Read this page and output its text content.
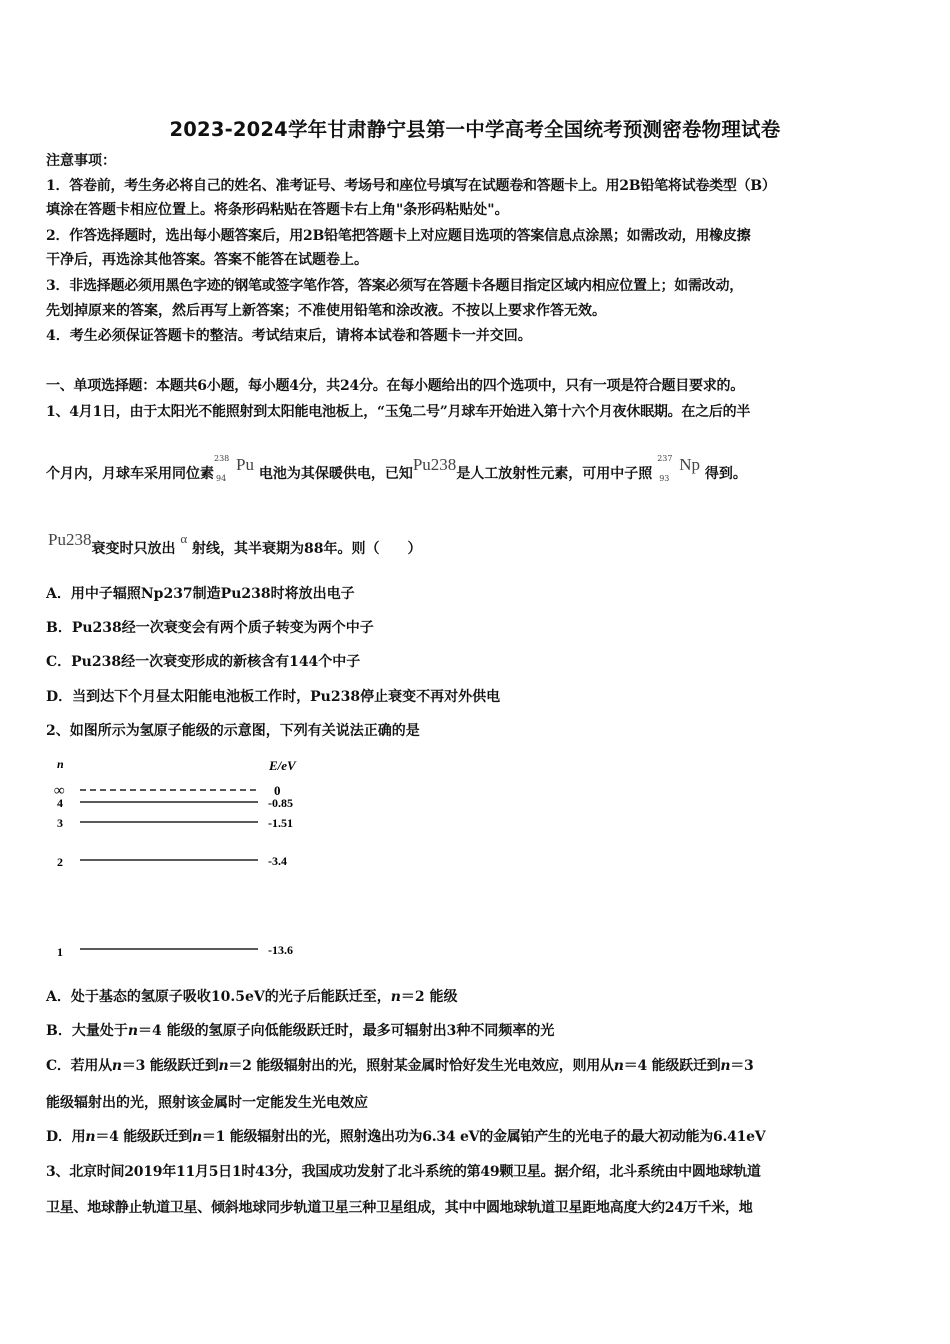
2023-2024学年甘肃静宁县第一中学高考全国统考预测密卷物理试卷
注意事项：
1．答卷前，考生务必将自己的姓名、准考证号、考场号和座位号填写在试题卷和答题卡上。用2B铅笔将试卷类型（B）
填涂在答题卡相应位置上。将条形码粘贴在答题卡右上角"条形码粘贴处"。
2．作答选择题时，选出每小题答案后，用2B铅笔把答题卡上对应题目选项的答案信息点涂黑；如需改动，用橡皮擦
干净后，再选涂其他答案。答案不能答在试题卷上。
3．非选择题必须用黑色字迹的钢笔或签字笔作答，答案必须写在答题卡各题目指定区域内相应位置上；如需改动，
先划掉原来的答案，然后再写上新答案；不准使用铅笔和涂改液。不按以上要求作答无效。
4．考生必须保证答题卡的整洁。考试结束后，请将本试卷和答题卡一并交回。
一、单项选择题：本题共6小题，每小题4分，共24分。在每小题给出的四个选项中，只有一项是符合题目要求的。
1、4月1日，由于太阳光不能照射到太阳能电池板上，“玉兔二号”月球车开始进入第十六个月夜休眠期。在之后的半
个月内，月球车采用同位素
238
94
Pu 电池为其保暖供电，已知Pu238是人工放射性元素，可用中子照
237
93
Np 得到。
Pu238衰变时只放出 α 射线，其半衰期为88年。则（　　）
A．用中子辐照Np237制造Pu238时将放出电子
B．Pu238经一次衰变会有两个质子转变为两个中子
C．Pu238经一次衰变形成的新核含有144个中子
D．当到达下个月昼太阳能电池板工作时，Pu238停止衰变不再对外供电
2、如图所示为氢原子能级的示意图，下列有关说法正确的是
n	E/eV
∞
4
3
2
1
0
-0.85
-1.51
-3.4
-13.6
A．处于基态的氢原子吸收10.5eV的光子后能跃迁至，n＝2 能级
B．大量处于n＝4 能级的氢原子向低能级跃迁时，最多可辐射出3种不同频率的光
C．若用从n＝3 能级跃迁到n＝2 能级辐射出的光，照射某金属时恰好发生光电效应，则用从n＝4 能级跃迁到n＝3
能级辐射出的光，照射该金属时一定能发生光电效应
D．用n＝4 能级跃迁到n＝1 能级辐射出的光，照射逸出功为6.34 eV的金属铂产生的光电子的最大初动能为6.41eV
3、北京时间2019年11月5日1时43分，我国成功发射了北斗系统的第49颗卫星。据介绍，北斗系统由中圆地球轨道
卫星、地球静止轨道卫星、倾斜地球同步轨道卫星三种卫星组成，其中中圆地球轨道卫星距地高度大约24万千米，地
